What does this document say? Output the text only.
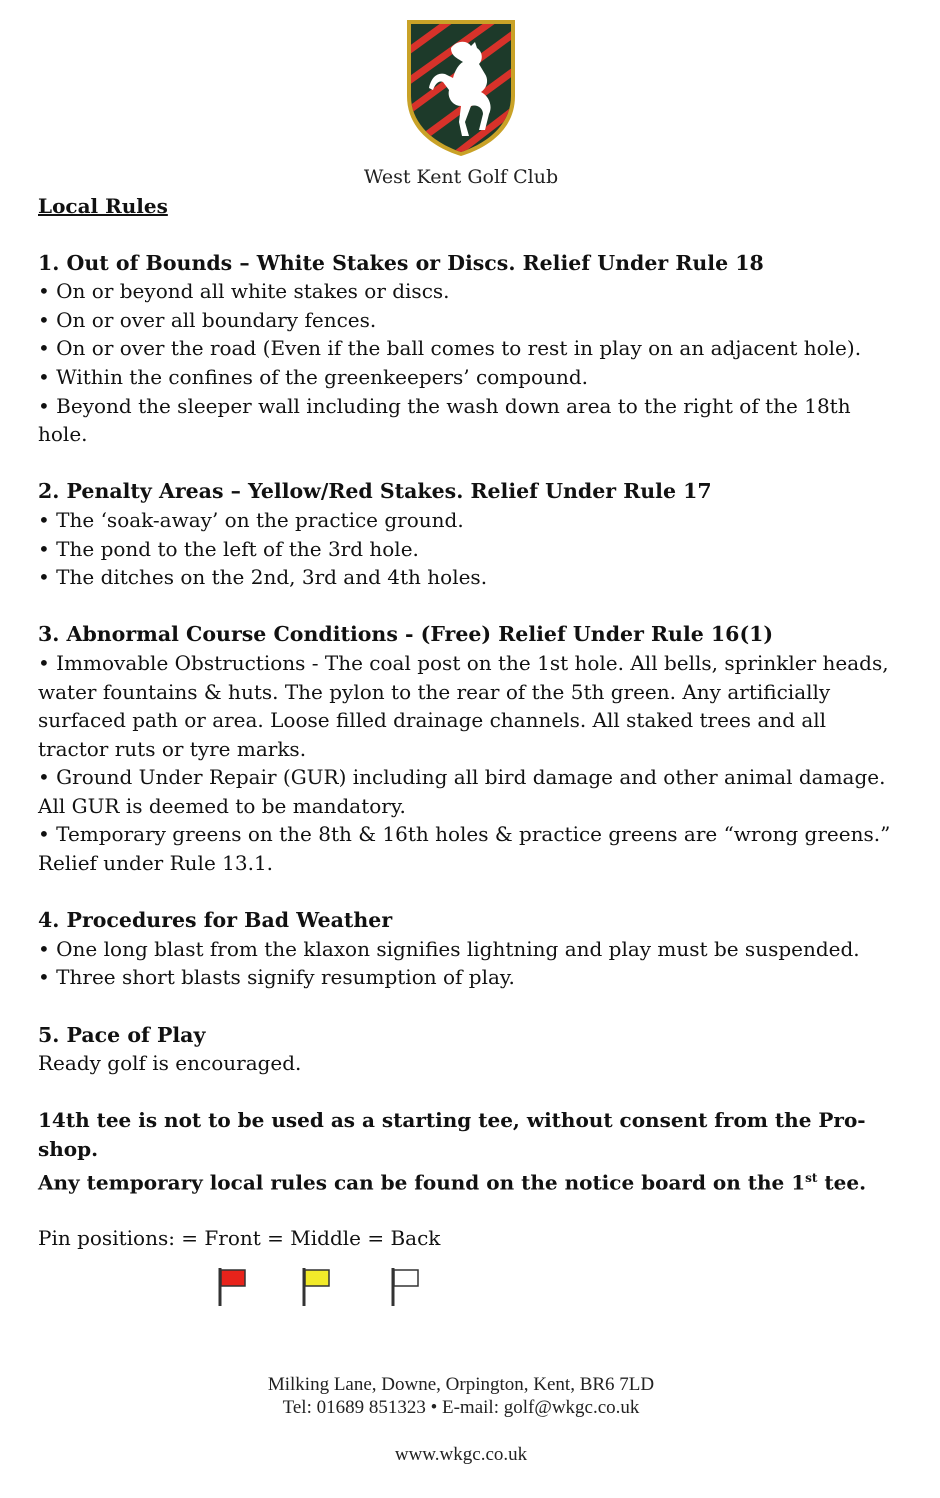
West Kent Golf Club
Local Rules
1. Out of Bounds – White Stakes or Discs. Relief Under Rule 18
• On or beyond all white stakes or discs.
• On or over all boundary fences.
• On or over the road (Even if the ball comes to rest in play on an adjacent hole).
• Within the confines of the greenkeepers’ compound.
• Beyond the sleeper wall including the wash down area to the right of the 18th hole.
2. Penalty Areas – Yellow/Red Stakes. Relief Under Rule 17
• The ‘soak-away’ on the practice ground.
• The pond to the left of the 3rd hole.
• The ditches on the 2nd, 3rd and 4th holes.
3. Abnormal Course Conditions - (Free) Relief Under Rule 16(1)
• Immovable Obstructions - The coal post on the 1st hole. All bells, sprinkler heads, water fountains & huts. The pylon to the rear of the 5th green. Any artificially surfaced path or area. Loose filled drainage channels. All staked trees and all tractor ruts or tyre marks.
• Ground Under Repair (GUR) including all bird damage and other animal damage. All GUR is deemed to be mandatory.
• Temporary greens on the 8th & 16th holes & practice greens are “wrong greens.” Relief under Rule 13.1.
4. Procedures for Bad Weather
• One long blast from the klaxon signifies lightning and play must be suspended.
• Three short blasts signify resumption of play.
5. Pace of Play
Ready golf is encouraged.
14th tee is not to be used as a starting tee, without consent from the Pro-shop.
Any temporary local rules can be found on the notice board on the 1st tee.
Pin positions: = Front = Middle = Back
Milking Lane, Downe, Orpington, Kent, BR6 7LD
Tel: 01689 851323 • E-mail: golf@wkgc.co.uk
www.wkgc.co.uk
